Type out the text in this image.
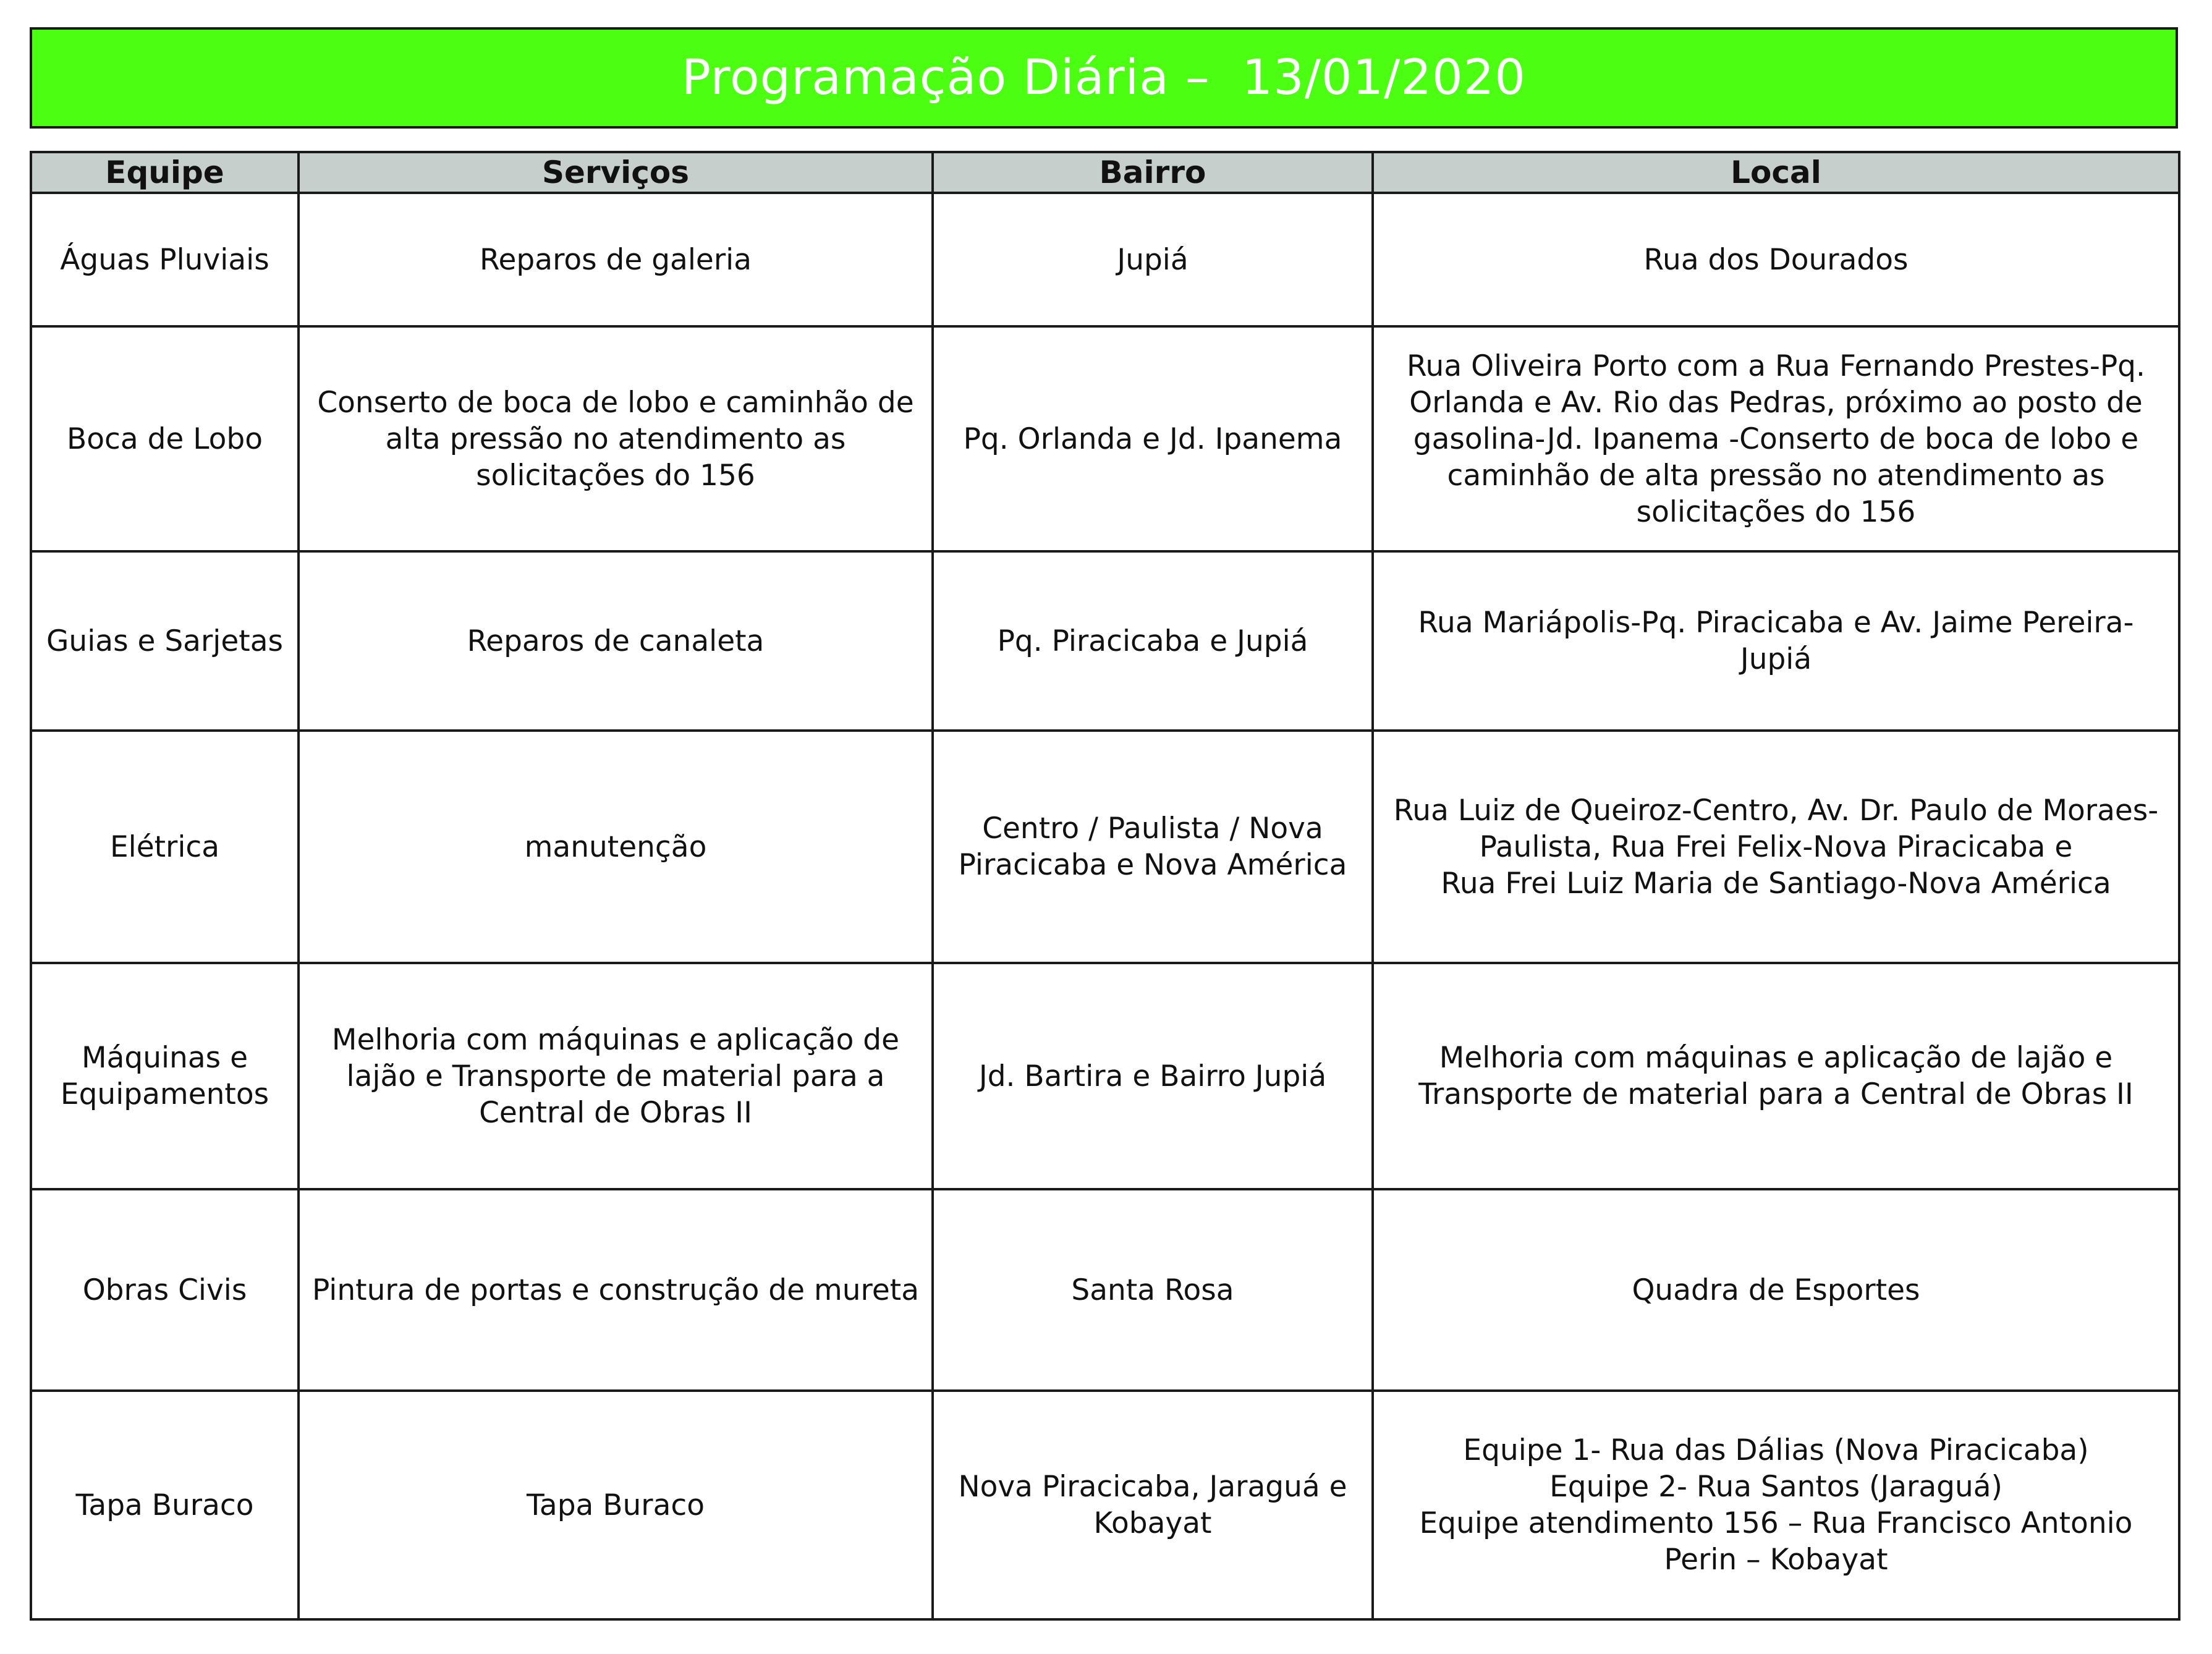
Programação Diária –  13/01/2020
Equipe	Serviços	Bairro	Local
Águas Pluviais	Reparos de galeria	Jupiá	Rua dos Dourados
Boca de Lobo	Conserto de boca de lobo e caminhão de alta pressão no atendimento as solicitações do 156	Pq. Orlanda e Jd. Ipanema	Rua Oliveira Porto com a Rua Fernando Prestes-Pq. Orlanda e Av. Rio das Pedras, próximo ao posto de gasolina-Jd. Ipanema -Conserto de boca de lobo e caminhão de alta pressão no atendimento as solicitações do 156
Guias e Sarjetas	Reparos de canaleta	Pq. Piracicaba e Jupiá	Rua Mariápolis-Pq. Piracicaba e Av. Jaime Pereira-Jupiá
Elétrica	manutenção	Centro / Paulista / Nova Piracicaba e Nova América	Rua Luiz de Queiroz-Centro, Av. Dr. Paulo de Moraes-Paulista, Rua Frei Felix-Nova Piracicaba e
Rua Frei Luiz Maria de Santiago-Nova América
Máquinas e Equipamentos	Melhoria com máquinas e aplicação de lajão e Transporte de material para a Central de Obras II	Jd. Bartira e Bairro Jupiá	Melhoria com máquinas e aplicação de lajão e Transporte de material para a Central de Obras II
Obras Civis	Pintura de portas e construção de mureta	Santa Rosa	Quadra de Esportes
Tapa Buraco	Tapa Buraco	Nova Piracicaba, Jaraguá e Kobayat	Equipe 1- Rua das Dálias (Nova Piracicaba)
Equipe 2- Rua Santos (Jaraguá)
Equipe atendimento 156 – Rua Francisco Antonio Perin – Kobayat
